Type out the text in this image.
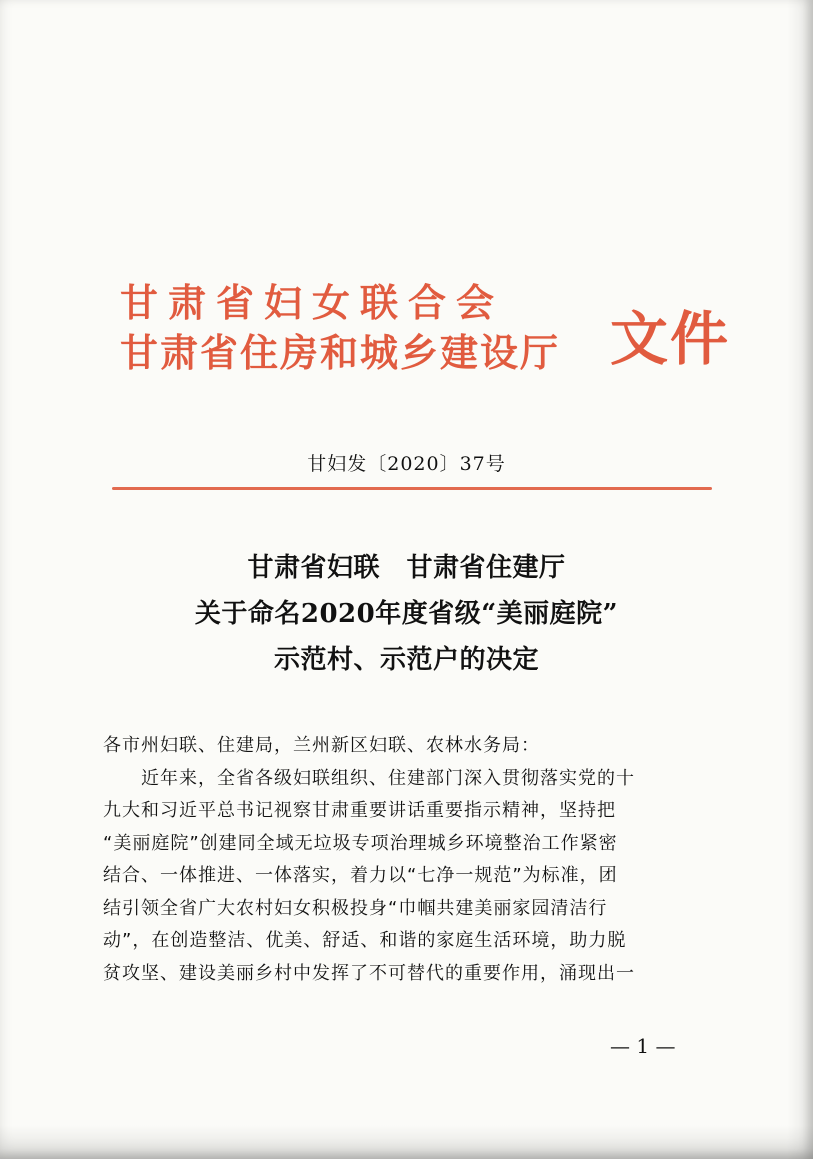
甘肃省妇女联合会
甘肃省住房和城乡建设厅 文件
甘妇发〔2020〕37号
甘肃省妇联　甘肃省住建厅
关于命名2020年度省级“美丽庭院”
示范村、示范户的决定
各市州妇联、住建局，兰州新区妇联、农林水务局：
近年来，全省各级妇联组织、住建部门深入贯彻落实党的十
九大和习近平总书记视察甘肃重要讲话重要指示精神，坚持把
“美丽庭院”创建同全域无垃圾专项治理城乡环境整治工作紧密
结合、一体推进、一体落实，着力以“七净一规范”为标准，团
结引领全省广大农村妇女积极投身“巾帼共建美丽家园清洁行
动”，在创造整洁、优美、舒适、和谐的家庭生活环境，助力脱
贫攻坚、建设美丽乡村中发挥了不可替代的重要作用，涌现出一
— 1 —
